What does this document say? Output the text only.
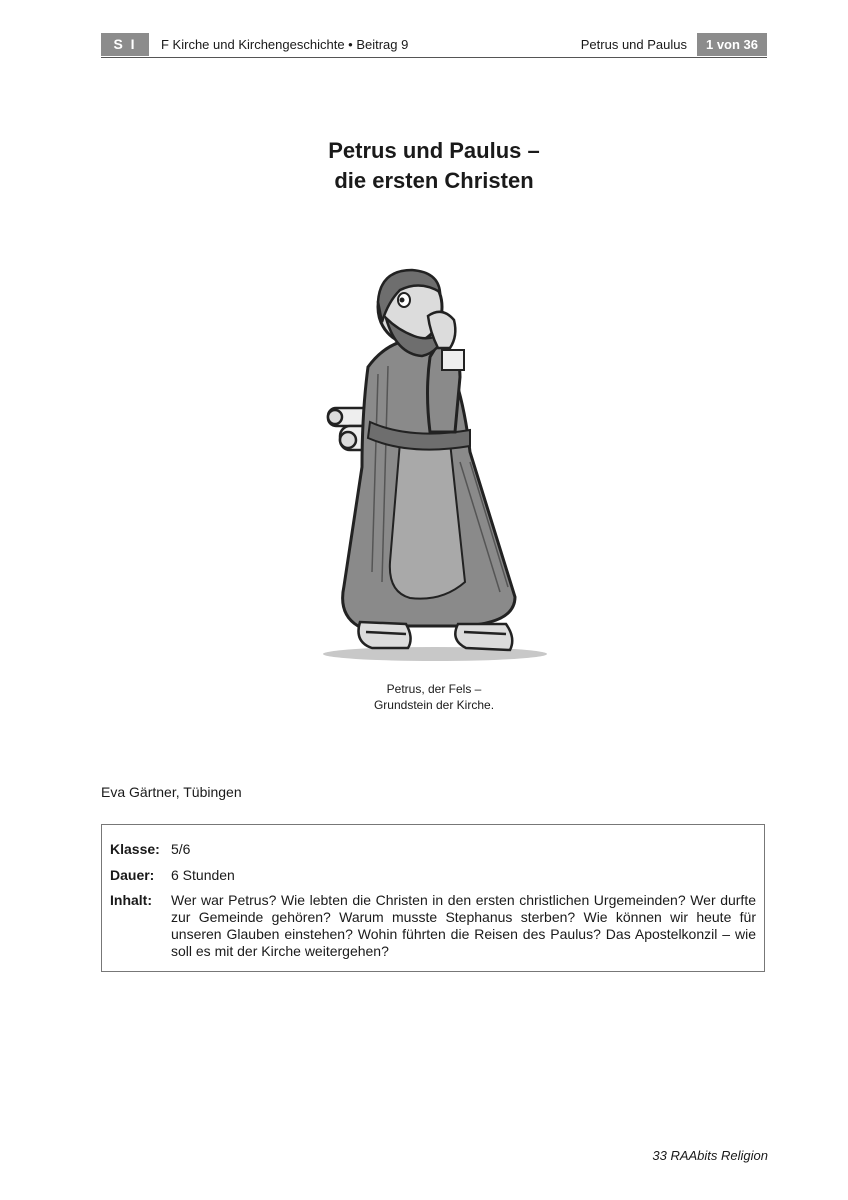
S I	F Kirche und Kirchengeschichte • Beitrag 9	Petrus und Paulus	1 von 36
Petrus und Paulus –
die ersten Christen
Petrus, der Fels –
Grundstein der Kirche.
Eva Gärtner, Tübingen
Klasse: 5/6
Dauer: 6 Stunden
Inhalt: Wer war Petrus? Wie lebten die Christen in den ersten christlichen Urgemeinden? Wer durfte zur Gemeinde gehören? Warum musste Stephanus sterben? Wie können wir heute für unseren Glauben einstehen? Wohin führten die Reisen des Paulus? Das Apostelkonzil – wie soll es mit der Kirche weitergehen?
33 RAAbits Religion
